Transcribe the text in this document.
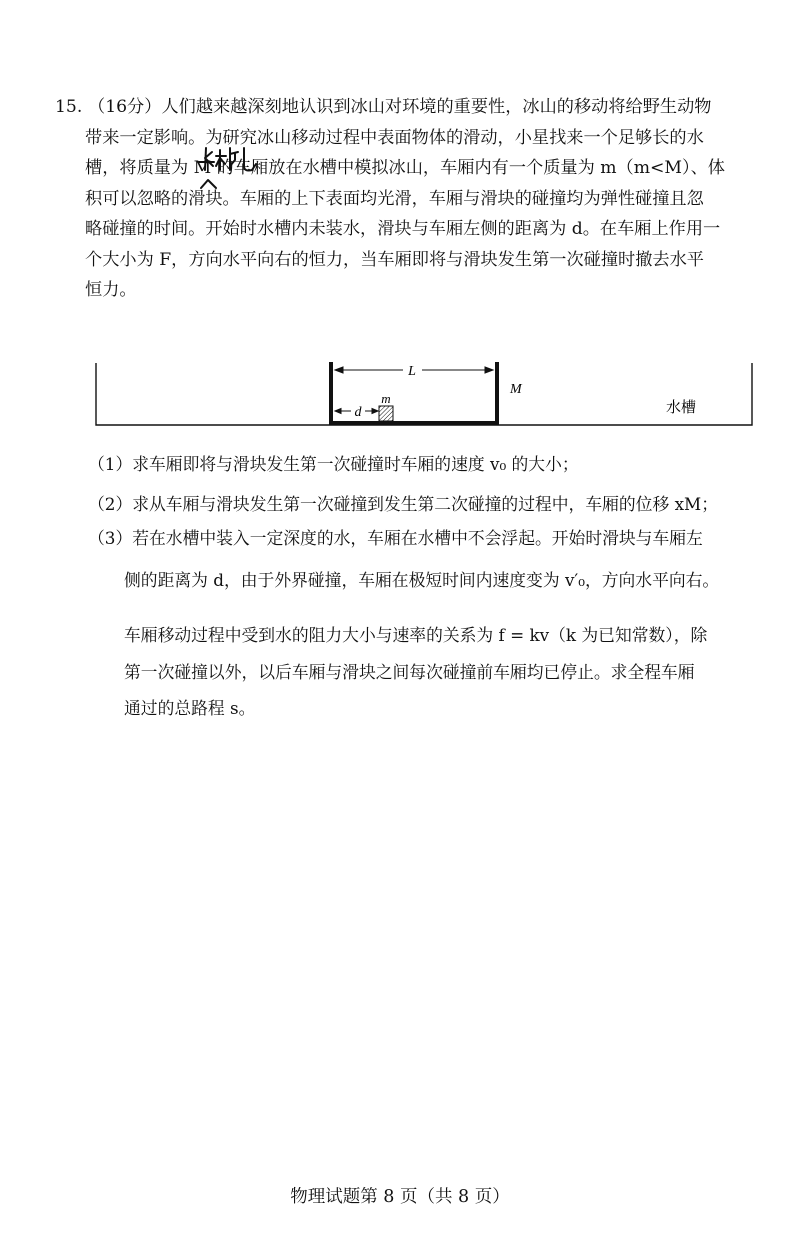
15. （16分）人们越来越深刻地认识到冰山对环境的重要性，冰山的移动将给野生动物
带来一定影响。为研究冰山移动过程中表面物体的滑动，小星找来一个足够长的水
槽，将质量为 M 的车厢放在水槽中模拟冰山，车厢内有一个质量为 m（m<M）、体
积可以忽略的滑块。车厢的上下表面均光滑，车厢与滑块的碰撞均为弹性碰撞且忽
略碰撞的时间。开始时水槽内未装水，滑块与车厢左侧的距离为 d。在车厢上作用一
个大小为 F，方向水平向右的恒力，当车厢即将与滑块发生第一次碰撞时撤去水平
恒力。
L
d
m
M
水槽
（1）求车厢即将与滑块发生第一次碰撞时车厢的速度 v₀ 的大小；
（2）求从车厢与滑块发生第一次碰撞到发生第二次碰撞的过程中，车厢的位移 xM；
（3）若在水槽中装入一定深度的水，车厢在水槽中不会浮起。开始时滑块与车厢左
侧的距离为 d，由于外界碰撞，车厢在极短时间内速度变为 v′₀，方向水平向右。
车厢移动过程中受到水的阻力大小与速率的关系为 f = kv（k 为已知常数），除
第一次碰撞以外，以后车厢与滑块之间每次碰撞前车厢均已停止。求全程车厢
通过的总路程 s。
物理试题第 8 页（共 8 页）
